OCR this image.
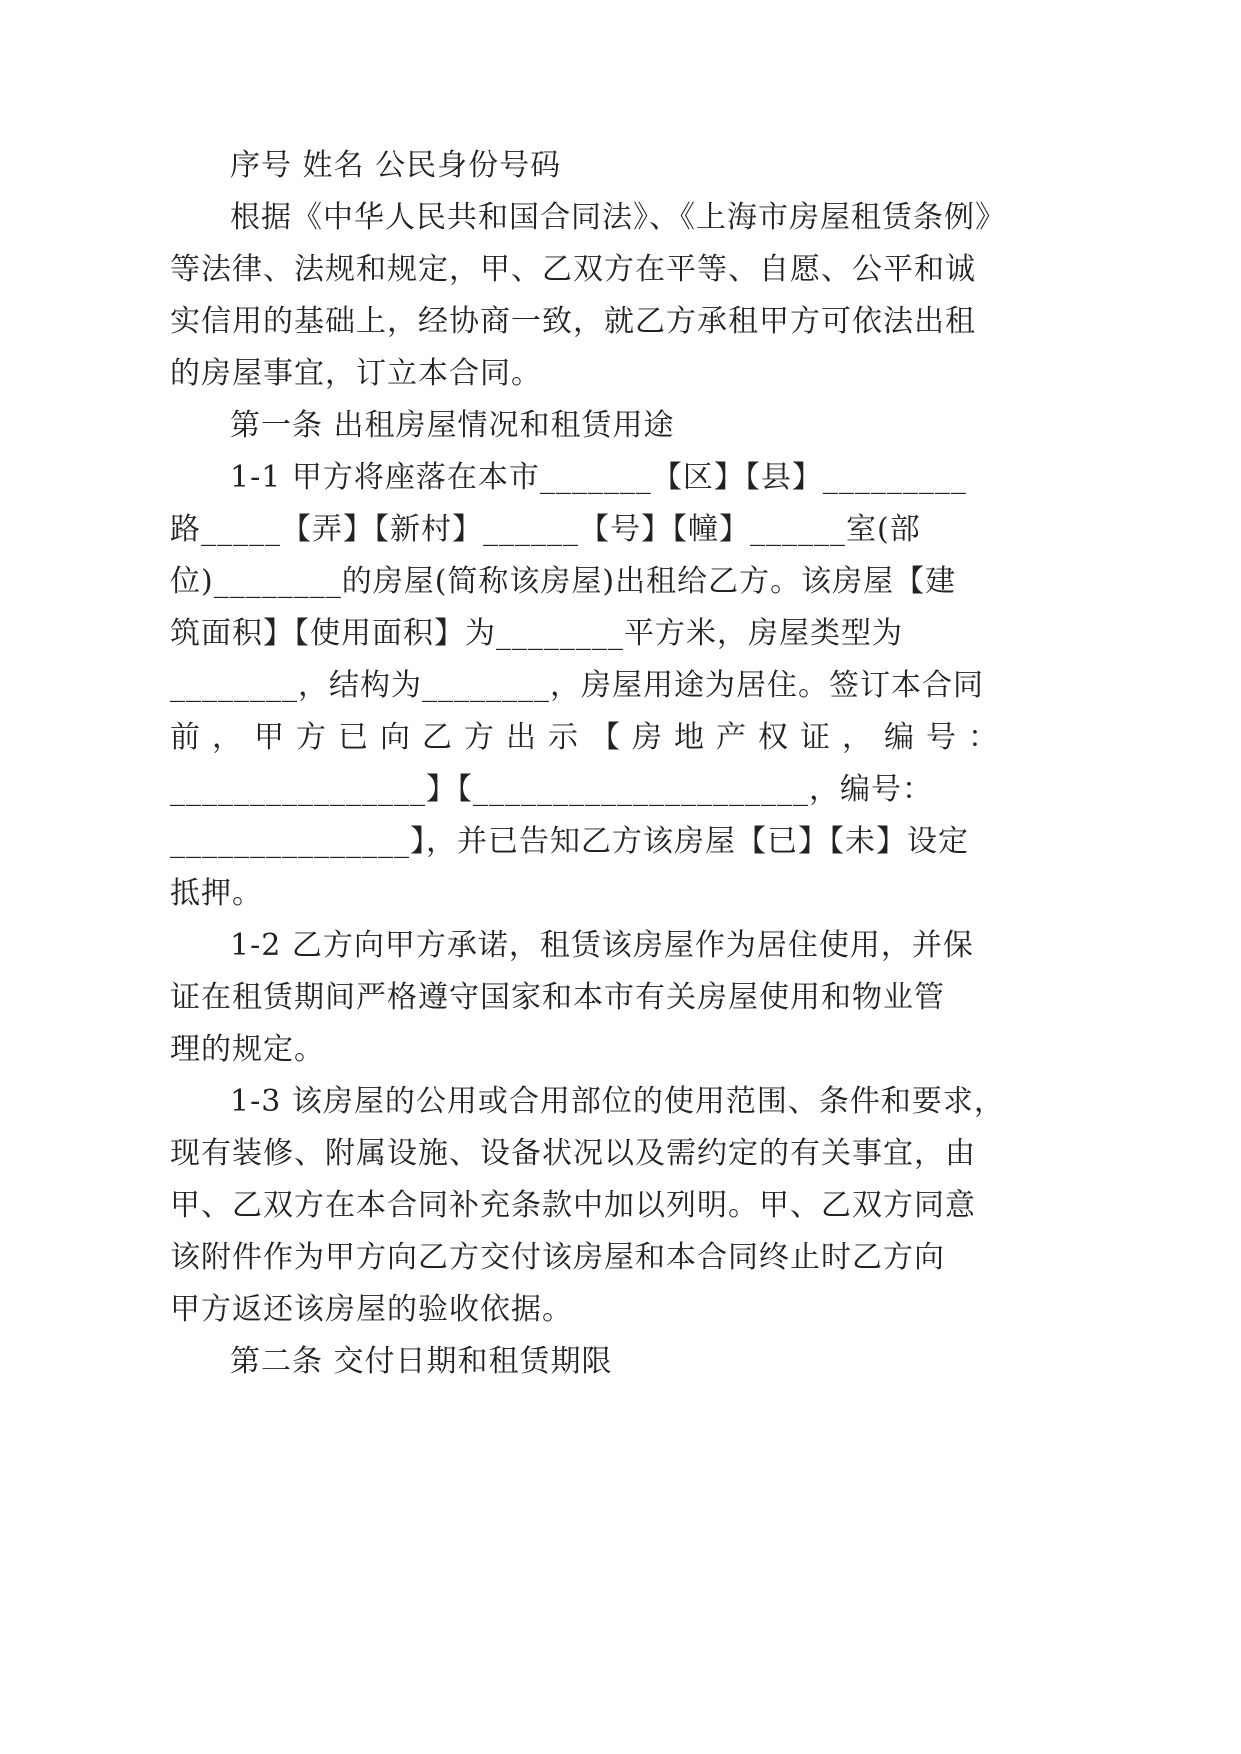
序号 姓名 公民身份号码
根据《中华人民共和国合同法》、《上海市房屋租赁条例》
等法律、法规和规定，甲、乙双方在平等、自愿、公平和诚
实信用的基础上，经协商一致，就乙方承租甲方可依法出租
的房屋事宜，订立本合同。
第一条 出租房屋情况和租赁用途
1-1 甲方将座落在本市_______【区】【县】_________
路_____【弄】【新村】______【号】【幢】______室(部
位)________的房屋(简称该房屋)出租给乙方。该房屋【建
筑面积】【使用面积】为________平方米，房屋类型为
________，结构为________，房屋用途为居住。签订本合同
前，甲方已向乙方出示【房地产权证，编号：
________________】【_____________________，编号：
_______________】，并已告知乙方该房屋【已】【未】设定
抵押。
1-2 乙方向甲方承诺，租赁该房屋作为居住使用，并保
证在租赁期间严格遵守国家和本市有关房屋使用和物业管
理的规定。
1-3 该房屋的公用或合用部位的使用范围、条件和要求，
现有装修、附属设施、设备状况以及需约定的有关事宜，由
甲、乙双方在本合同补充条款中加以列明。甲、乙双方同意
该附件作为甲方向乙方交付该房屋和本合同终止时乙方向
甲方返还该房屋的验收依据。
第二条 交付日期和租赁期限
